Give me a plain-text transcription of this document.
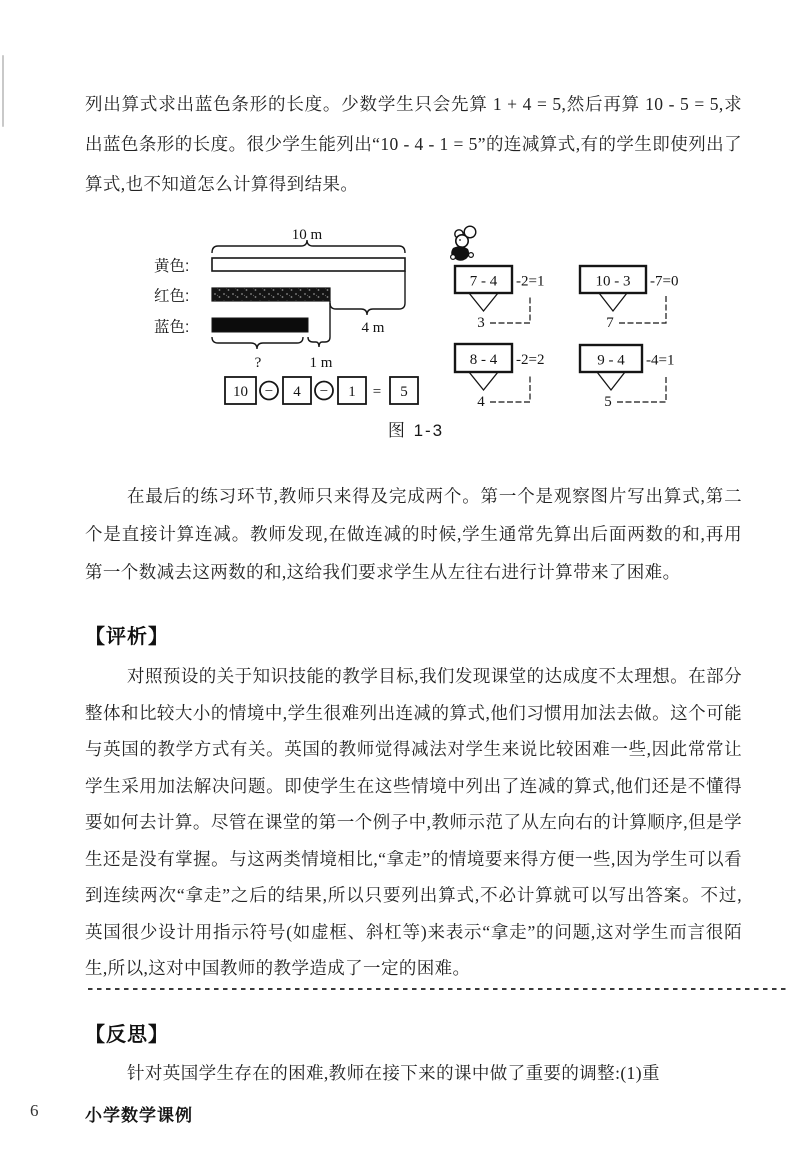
列出算式求出蓝色条形的长度。少数学生只会先算 1 + 4 = 5,然后再算 10 - 5 = 5,求出蓝色条形的长度。很少学生能列出“10 - 4 - 1 = 5”的连减算式,有的学生即使列出了算式,也不知道怎么计算得到结果。
10 m
黄色:
红色:
蓝色:	4 m
?	1 m
10 − 4 − 1 = 5
7 - 4 -2=1
3
10 - 3 -7=0
7
8 - 4 -2=2
4
9 - 4 -4=1
5
图 1-3
在最后的练习环节,教师只来得及完成两个。第一个是观察图片写出算式,第二个是直接计算连减。教师发现,在做连减的时候,学生通常先算出后面两数的和,再用第一个数减去这两数的和,这给我们要求学生从左往右进行计算带来了困难。
【评析】
对照预设的关于知识技能的教学目标,我们发现课堂的达成度不太理想。在部分整体和比较大小的情境中,学生很难列出连减的算式,他们习惯用加法去做。这个可能与英国的教学方式有关。英国的教师觉得减法对学生来说比较困难一些,因此常常让学生采用加法解决问题。即使学生在这些情境中列出了连减的算式,他们还是不懂得要如何去计算。尽管在课堂的第一个例子中,教师示范了从左向右的计算顺序,但是学生还是没有掌握。与这两类情境相比,“拿走”的情境要来得方便一些,因为学生可以看到连续两次“拿走”之后的结果,所以只要列出算式,不必计算就可以写出答案。不过,英国很少设计用指示符号(如虚框、斜杠等)来表示“拿走”的问题,这对学生而言很陌生,所以,这对中国教师的教学造成了一定的困难。
【反思】
针对英国学生存在的困难,教师在接下来的课中做了重要的调整:(1)重
6	小学数学课例
